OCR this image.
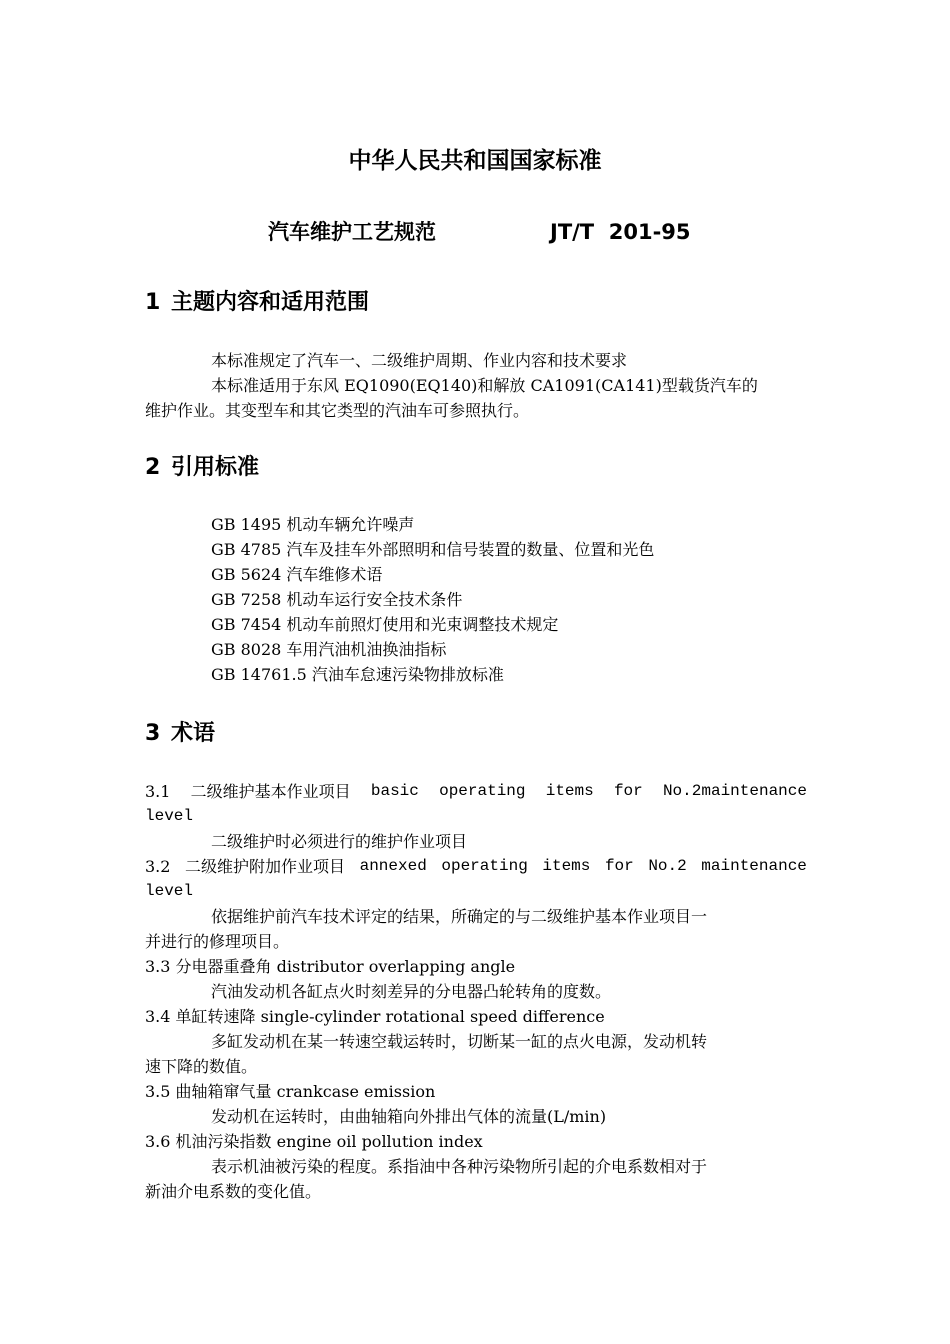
中华人民共和国国家标准
汽车维护工艺规范	JT/T  201-95
1 主题内容和适用范围
本标准规定了汽车一、二级维护周期、作业内容和技术要求
本标准适用于东风 EQ1090(EQ140)和解放 CA1091(CA141)型载货汽车的
维护作业。其变型车和其它类型的汽油车可参照执行。
2 引用标准
GB 1495 机动车辆允许噪声
GB 4785 汽车及挂车外部照明和信号装置的数量、位置和光色
GB 5624 汽车维修术语
GB 7258 机动车运行安全技术条件
GB 7454 机动车前照灯使用和光束调整技术规定
GB 8028 车用汽油机油换油指标
GB 14761.5 汽油车怠速污染物排放标准
3 术语
3.1 二级维护基本作业项目 basic operating items for No.2maintenance
level
二级维护时必须进行的维护作业项目
3.2 二级维护附加作业项目 annexed operating items for No.2 maintenance
level
依据维护前汽车技术评定的结果，所确定的与二级维护基本作业项目一
并进行的修理项目。
3.3 分电器重叠角 distributor overlapping angle
汽油发动机各缸点火时刻差异的分电器凸轮转角的度数。
3.4 单缸转速降 single-cylinder rotational speed difference
多缸发动机在某一转速空载运转时，切断某一缸的点火电源，发动机转
速下降的数值。
3.5 曲轴箱窜气量 crankcase emission
发动机在运转时，由曲轴箱向外排出气体的流量(L/min)
3.6 机油污染指数 engine oil pollution index
表示机油被污染的程度。系指油中各种污染物所引起的介电系数相对于
新油介电系数的变化值。
